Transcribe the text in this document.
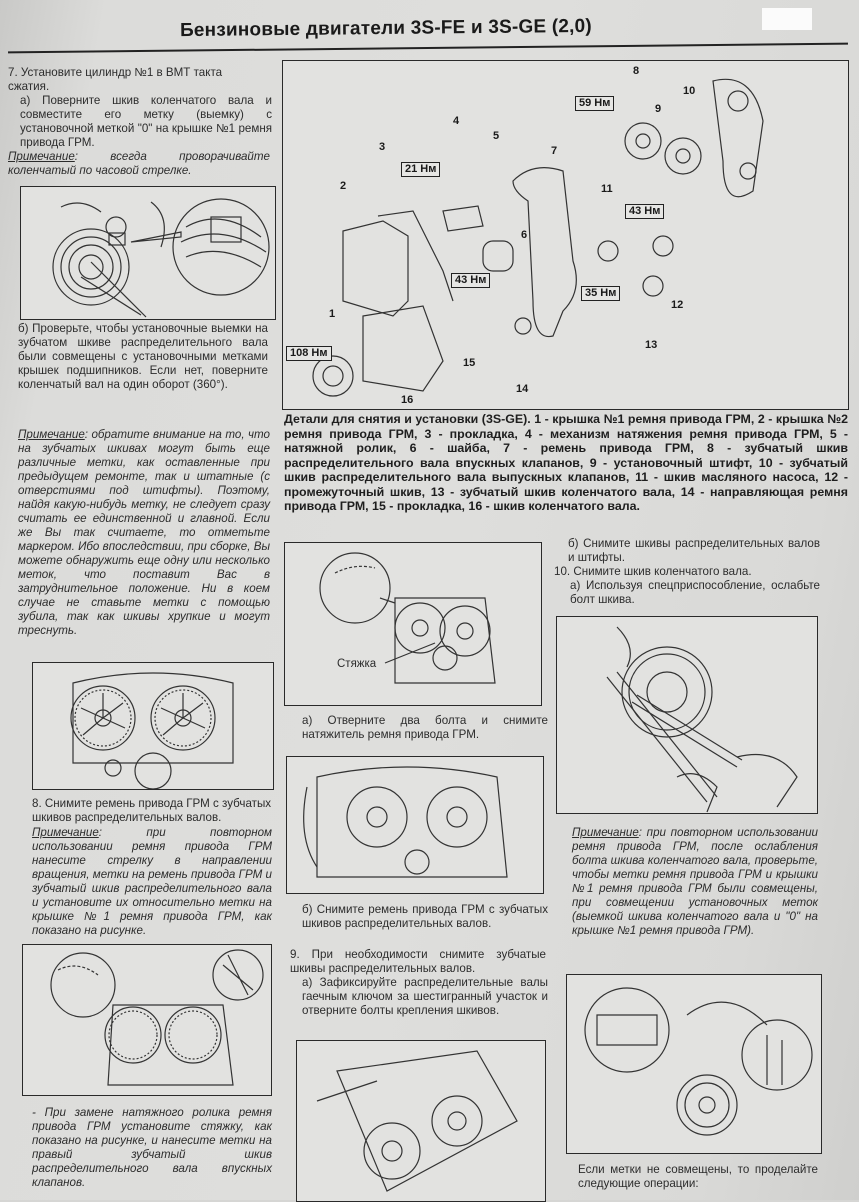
Бензиновые двигатели 3S-FE и 3S-GE (2,0)
7. Установите цилиндр №1 в ВМТ такта сжатия.
а) Поверните шкив коленчатого вала и совместите его метку (выемку) с установочной меткой "0" на крышке №1 ремня привода ГРМ.
Примечание: всегда проворачивайте коленчатый по часовой стрелке.
б) Проверьте, чтобы установочные выемки на зубчатом шкиве распределительного вала были совмещены с установочными метками крышек подшипников. Если нет, поверните коленчатый вал на один оборот (360°).
Примечание: обратите внимание на то, что на зубчатых шкивах могут быть еще различные метки, как оставленные при предыдущем ремонте, так и штатные (с отверстиями под штифты). Поэтому, найдя какую-нибудь метку, не следует сразу считать ее единственной и главной. Если же Вы так считаете, то отметьте маркером. Ибо впоследствии, при сборке, Вы можете обнаружить еще одну или несколько меток, что поставит Вас в затруднительное положение. Ни в коем случае не ставьте метки с помощью зубила, так как шкивы хрупкие и могут треснуть.
8. Снимите ремень привода ГРМ с зубчатых шкивов распределительных валов.
Примечание: при повторном использовании ремня привода ГРМ нанесите стрелку в направлении вращения, метки на ремень привода ГРМ и зубчатый шкив распределительного вала и установите их относительно метки на крышке №1 ремня привода ГРМ, как показано на рисунке.
- При замене натяжного ролика ремня привода ГРМ установите стяжку, как показано на рисунке, и нанесите метки на правый зубчатый шкив распределительного вала впускных клапанов.
59 Нм
21 Нм
43 Нм
43 Нм
35 Нм
108 Нм
1
2
3
4
5
6
7
8
9
10
11
12
13
14
15
16
Детали для снятия и установки (3S-GE). 1 - крышка №1 ремня привода ГРМ, 2 - крышка №2 ремня привода ГРМ, 3 - прокладка, 4 - механизм натяжения ремня привода ГРМ, 5 - натяжной ролик, 6 - шайба, 7 - ремень привода ГРМ, 8 - зубчатый шкив распределительного вала впускных клапанов, 9 - установочный штифт, 10 - зубчатый шкив распределительного вала выпускных клапанов, 11 - шкив масляного насоса, 12 - промежуточный шкив, 13 - зубчатый шкив коленчатого вала, 14 - направляющая ремня привода ГРМ, 15 - прокладка, 16 - шкив коленчатого вала.
Стяжка
а) Отверните два болта и снимите натяжитель ремня привода ГРМ.
б) Снимите ремень привода ГРМ с зубчатых шкивов распределительных валов.
9. При необходимости снимите зубчатые шкивы распределительных валов.
а) Зафиксируйте распределительные валы гаечным ключом за шестигранный участок и отверните болты крепления шкивов.
б) Снимите шкивы распределительных валов и штифты.
10. Снимите шкив коленчатого вала.
а) Используя спецприспособление, ослабьте болт шкива.
Примечание: при повторном использовании ремня привода ГРМ, после ослабления болта шкива коленчатого вала, проверьте, чтобы метки ремня привода ГРМ и крышки №1 ремня привода ГРМ были совмещены, при совмещении установочных меток (выемкой шкива коленчатого вала и "0" на крышке №1 ремня привода ГРМ).
Если метки не совмещены, то проделайте следующие операции:
